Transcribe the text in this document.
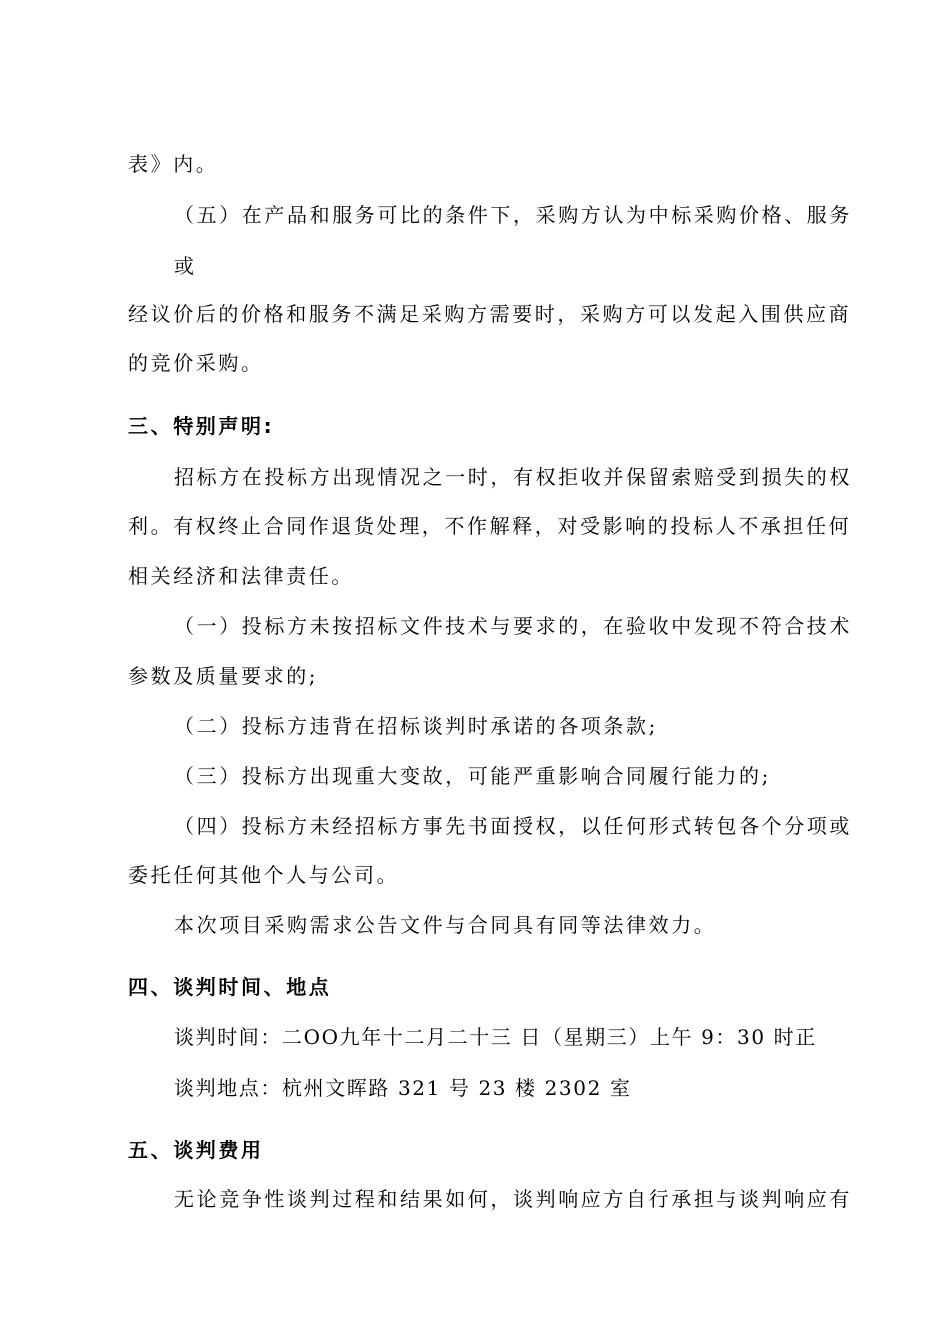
表》内。
（五）在产品和服务可比的条件下，采购方认为中标采购价格、服务
或
经议价后的价格和服务不满足采购方需要时，采购方可以发起入围供应商
的竞价采购。
三、特别声明:
招标方在投标方出现情况之一时，有权拒收并保留索赔受到损失的权
利。有权终止合同作退货处理，不作解释，对受影响的投标人不承担任何
相关经济和法律责任。
（一）投标方未按招标文件技术与要求的，在验收中发现不符合技术
参数及质量要求的;
（二）投标方违背在招标谈判时承诺的各项条款;
（三）投标方出现重大变故，可能严重影响合同履行能力的;
（四）投标方未经招标方事先书面授权，以任何形式转包各个分项或
委托任何其他个人与公司。
本次项目采购需求公告文件与合同具有同等法律效力。
四、谈判时间、地点
谈判时间：二OO九年十二月二十三 日（星期三）上午 9：30 时正
谈判地点：杭州文晖路 321 号 23 楼 2302 室
五、谈判费用
无论竞争性谈判过程和结果如何，谈判响应方自行承担与谈判响应有
